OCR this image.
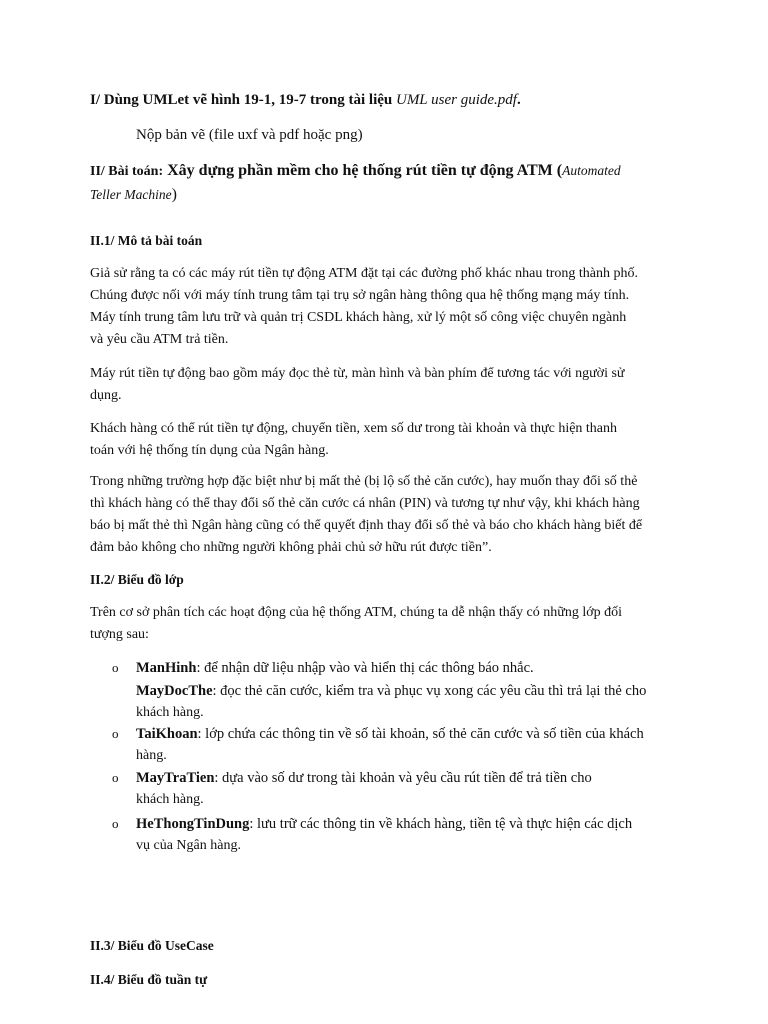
I/ Dùng UMLet vẽ hình 19-1, 19-7 trong tài liệu UML user guide.pdf.
Nộp bản vẽ (file uxf và pdf hoặc png)
II/ Bài toán: Xây dựng phần mềm cho hệ thống rút tiền tự động ATM (Automated
Teller Machine)
II.1/ Mô tả bài toán
Giả sử rằng ta có các máy rút tiền tự động ATM đặt tại các đường phố khác nhau trong thành phố.
Chúng được nối với máy tính trung tâm tại trụ sở ngân hàng thông qua hệ thống mạng máy tính.
Máy tính trung tâm lưu trữ và quản trị CSDL khách hàng, xử lý một số công việc chuyên ngành
và yêu cầu ATM trả tiền.
Máy rút tiền tự động bao gồm máy đọc thẻ từ, màn hình và bàn phím để tương tác với người sử
dụng.
Khách hàng có thể rút tiền tự động, chuyển tiền, xem số dư trong tài khoản và thực hiện thanh
toán với hệ thống tín dụng của Ngân hàng.
Trong những trường hợp đặc biệt như bị mất thẻ (bị lộ số thẻ căn cước), hay muốn thay đổi số thẻ
thì khách hàng có thể thay đổi số thẻ căn cước cá nhân (PIN) và tương tự như vậy, khi khách hàng
báo bị mất thẻ thì Ngân hàng cũng có thể quyết định thay đổi số thẻ và báo cho khách hàng biết để
đảm bảo không cho những người không phải chủ sở hữu rút được tiền”.
II.2/ Biểu đồ lớp
Trên cơ sở phân tích các hoạt động của hệ thống ATM, chúng ta dễ nhận thấy có những lớp đối
tượng sau:
o ManHinh: để nhận dữ liệu nhập vào và hiển thị các thông báo nhắc.
MayDocThe: đọc thẻ căn cước, kiểm tra và phục vụ xong các yêu cầu thì trả lại thẻ cho
khách hàng.
o TaiKhoan: lớp chứa các thông tin về số tài khoản, số thẻ căn cước và số tiền của khách
hàng.
o MayTraTien: dựa vào số dư trong tài khoản và yêu cầu rút tiền để trả tiền cho
khách hàng.
o HeThongTinDung: lưu trữ các thông tin về khách hàng, tiền tệ và thực hiện các dịch
vụ của Ngân hàng.
II.3/ Biểu đồ UseCase
II.4/ Biểu đồ tuần tự
